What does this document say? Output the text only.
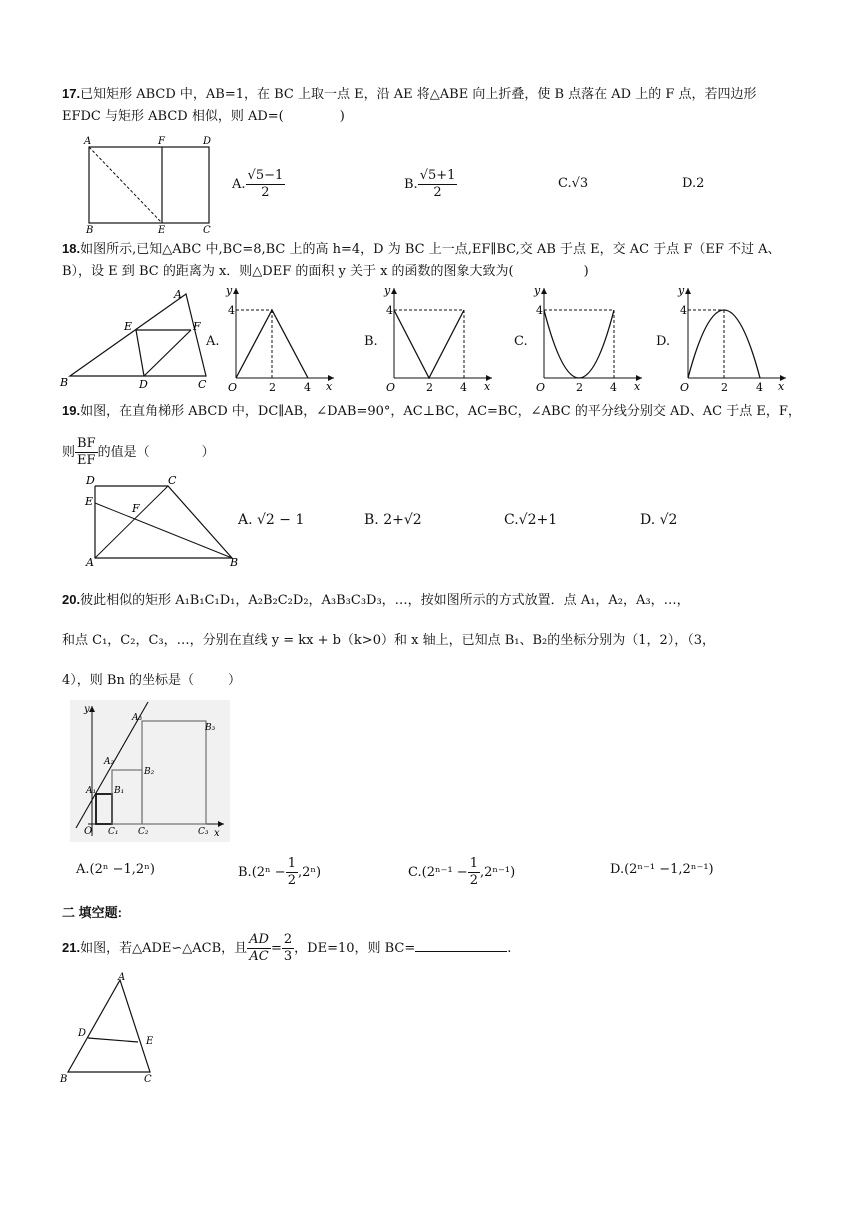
17.已知矩形 ABCD 中，AB=1，在 BC 上取一点 E，沿 AE 将△ABE 向上折叠，使 B 点落在 AD 上的 F 点，若四边形
EFDC 与矩形 ABCD 相似，则 AD=(	)
A	F	D
B	E	C
A. $\frac{√5-1}{2}$	B. $\frac{√5+1}{2}$	C.√3	D.2
18.如图所示,已知△ABC 中,BC=8,BC 上的高 h=4，D 为 BC 上一点,EF∥BC,交 AB 于点 E，交 AC 于点 F（EF 不过 A、
B），设 E 到 BC 的距离为 x．则△DEF 的面积 y 关于 x 的函数的图象大致为(	)
A
E	F
B	D	C
A.
y
4
O	2	4 x
B.
y
4
O	2 4 x
C.
y
4
O	2 4 x
D.
y
4
O	2	4 x
19.如图，在直角梯形 ABCD 中，DC∥AB，∠DAB=90°，AC⊥BC，AC=BC，∠ABC 的平分线分别交 AD、AC 于点 E，F，
则 $\frac{BF}{EF}$ 的值是（	）
D	C
E
F
A	B
A. √2 − 1	B. 2+√2	C.√2+1	D. √2
20.彼此相似的矩形 A₁B₁C₁D₁，A₂B₂C₂D₂，A₃B₃C₃D₃，…，按如图所示的方式放置．点 A₁，A₂，A₃，…，
和点 C₁，C₂，C₃，…，分别在直线 y = kx + b（k>0）和 x 轴上，已知点 B₁、B₂的坐标分别为（1，2），（3，
4），则 Bn 的坐标是（	）
y
x
O
A₁ B₁
A₂
B₂
A₃
B₃
C₁ C₂	C₃
A.(2ⁿ −1,2ⁿ)	$B.(2^n - \frac{1}{2} ,2^n)$	$C.(2^{n-1} - \frac{1}{2} ,2^{n-1})$	D.(2ⁿ⁻¹ −1,2ⁿ⁻¹)
二 填空题:
21.如图，若△ADE∽△ACB，且 $\frac{AD}{AC} = \frac{2}{3}$ ，DE=10，则 BC=	.
A
D
E
B	C
